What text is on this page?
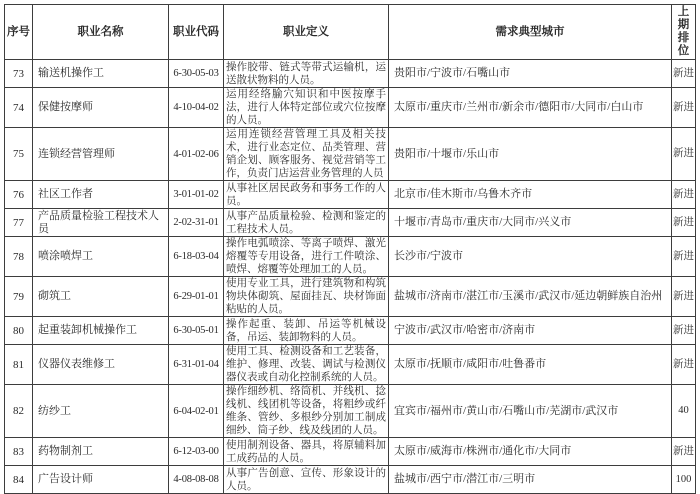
序号	职业名称	职业代码	职业定义	需求典型城市	上期排位
73	输送机操作工	6-30-05-03	操作胶带、链式等带式运输机，运送散状物料的人员。	贵阳市/宁波市/石嘴山市	新进
74	保健按摩师	4-10-04-02	运用经络腧穴知识和中医按摩手法，进行人体特定部位或穴位按摩的人员。	太原市/重庆市/兰州市/新余市/德阳市/大同市/白山市	新进
75	连锁经营管理师	4-01-02-06	运用连锁经营管理工具及相关技术，进行业态定位、品类管理、营销企划、顾客服务、视觉营销等工作，负责门店运营业务管理的人员	贵阳市/十堰市/乐山市	新进
76	社区工作者	3-01-01-02	从事社区居民政务和事务工作的人员。	北京市/佳木斯市/乌鲁木齐市	新进
77	产品质量检验工程技术人员	2-02-31-01	从事产品质量检验、检测和鉴定的工程技术人员。	十堰市/青岛市/重庆市/大同市/兴义市	新进
78	喷涂喷焊工	6-18-03-04	操作电弧喷涂、等离子喷焊、激光熔覆等专用设备，进行工件喷涂、喷焊、熔覆等处理加工的人员。	长沙市/宁波市	新进
79	砌筑工	6-29-01-01	使用专业工具，进行建筑物和构筑物块体砌筑、屋面挂瓦、块材饰面粘贴的人员。	盐城市/济南市/湛江市/玉溪市/武汉市/延边朝鲜族自治州	新进
80	起重装卸机械操作工	6-30-05-01	操作起重、装卸、吊运等机械设备，吊运、装卸物料的人员。	宁波市/武汉市/哈密市/济南市	新进
81	仪器仪表维修工	6-31-01-04	使用工具、检测设备和工艺装备，维护、修理、改装、调试与检测仪器仪表或自动化控制系统的人员。	太原市/抚顺市/咸阳市/吐鲁番市	新进
82	纺纱工	6-04-02-01	操作细纱机、络筒机、并线机、捻线机、线团机等设备，将粗纱或纤维条、管纱、多根纱分别加工制成细纱、筒子纱、线及线团的人员。	宜宾市/福州市/黄山市/石嘴山市/芜湖市/武汉市	40
83	药物制剂工	6-12-03-00	使用制剂设备、器具，将原辅料加工成药品的人员。	太原市/威海市/株洲市/通化市/大同市	新进
84	广告设计师	4-08-08-08	从事广告创意、宣传、形象设计的人员。	盐城市/西宁市/潜江市/三明市	100
